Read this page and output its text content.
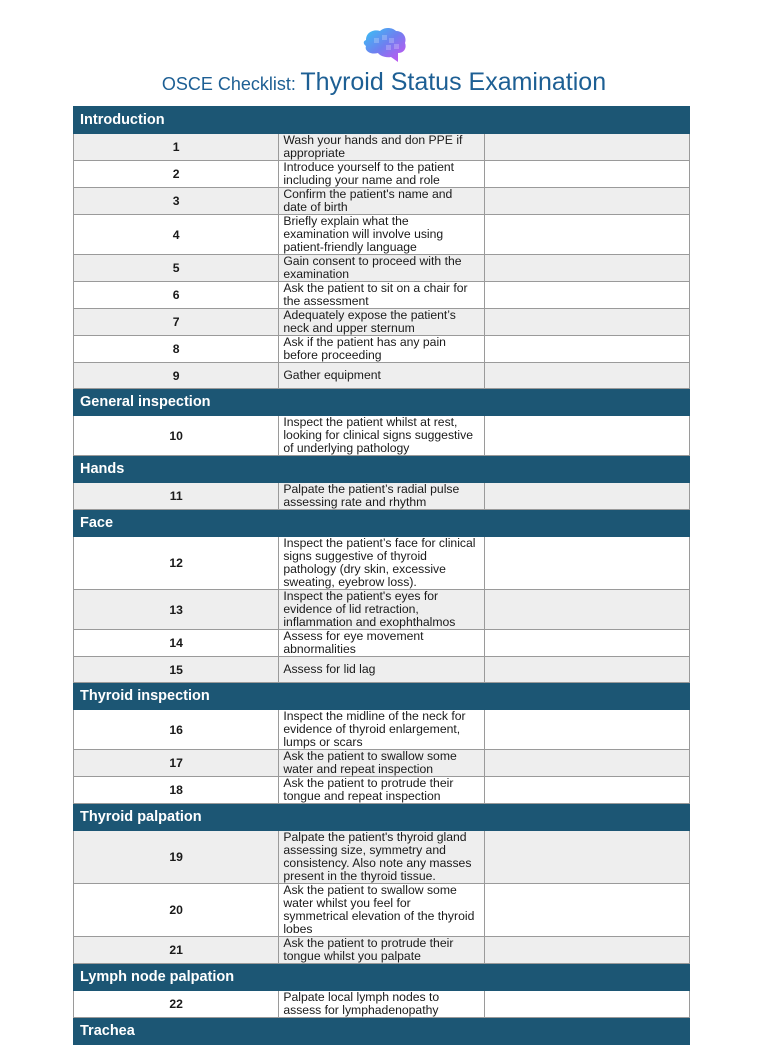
OSCE Checklist: Thyroid Status Examination
Introduction		
1	Wash your hands and don PPE if appropriate	
2	Introduce yourself to the patient including your name and role	
3	Confirm the patient's name and date of birth	
4	Briefly explain what the examination will involve using patient-friendly language	
5	Gain consent to proceed with the examination	
6	Ask the patient to sit on a chair for the assessment	
7	Adequately expose the patient’s neck and upper sternum	
8	Ask if the patient has any pain before proceeding	
9	Gather equipment	
General inspection		
10	Inspect the patient whilst at rest, looking for clinical signs suggestive of underlying pathology	
Hands		
11	Palpate the patient’s radial pulse assessing rate and rhythm	
Face		
12	Inspect the patient’s face for clinical signs suggestive of thyroid pathology (dry skin, excessive sweating, eyebrow loss).	
13	Inspect the patient's eyes for evidence of lid retraction, inflammation and exophthalmos	
14	Assess for eye movement abnormalities	
15	Assess for lid lag	
Thyroid inspection		
16	Inspect the midline of the neck for evidence of thyroid enlargement, lumps or scars	
17	Ask the patient to swallow some water and repeat inspection	
18	Ask the patient to protrude their tongue and repeat inspection	
Thyroid palpation		
19	Palpate the patient's thyroid gland assessing size, symmetry and consistency. Also note any masses present in the thyroid tissue.	
20	Ask the patient to swallow some water whilst you feel for symmetrical elevation of the thyroid lobes	
21	Ask the patient to protrude their tongue whilst you palpate	
Lymph node palpation		
22	Palpate local lymph nodes to assess for lymphadenopathy	
Trachea		
